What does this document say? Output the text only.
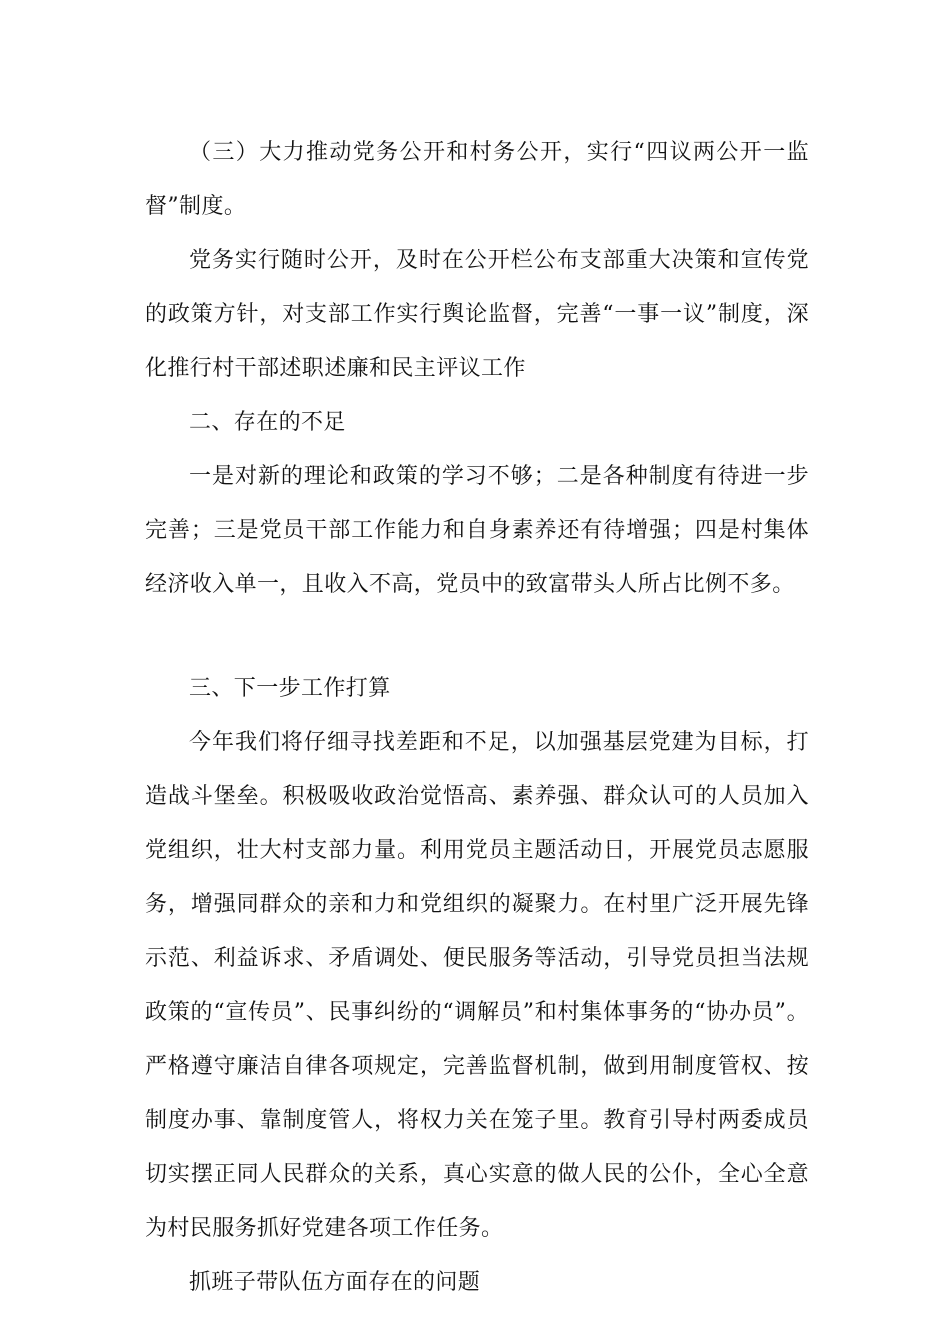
（三）大力推动党务公开和村务公开，实行“四议两公开一监督”制度。

党务实行随时公开，及时在公开栏公布支部重大决策和宣传党的政策方针，对支部工作实行舆论监督，完善“一事一议”制度，深化推行村干部述职述廉和民主评议工作

二、存在的不足

一是对新的理论和政策的学习不够；二是各种制度有待进一步完善；三是党员干部工作能力和自身素养还有待增强；四是村集体经济收入单一，且收入不高，党员中的致富带头人所占比例不多。

三、下一步工作打算

今年我们将仔细寻找差距和不足，以加强基层党建为目标，打造战斗堡垒。积极吸收政治觉悟高、素养强、群众认可的人员加入党组织，壮大村支部力量。利用党员主题活动日，开展党员志愿服务，增强同群众的亲和力和党组织的凝聚力。在村里广泛开展先锋示范、利益诉求、矛盾调处、便民服务等活动，引导党员担当法规政策的“宣传员”、民事纠纷的“调解员”和村集体事务的“协办员”。严格遵守廉洁自律各项规定，完善监督机制，做到用制度管权、按制度办事、靠制度管人，将权力关在笼子里。教育引导村两委成员切实摆正同人民群众的关系，真心实意的做人民的公仆，全心全意为村民服务抓好党建各项工作任务。

抓班子带队伍方面存在的问题
